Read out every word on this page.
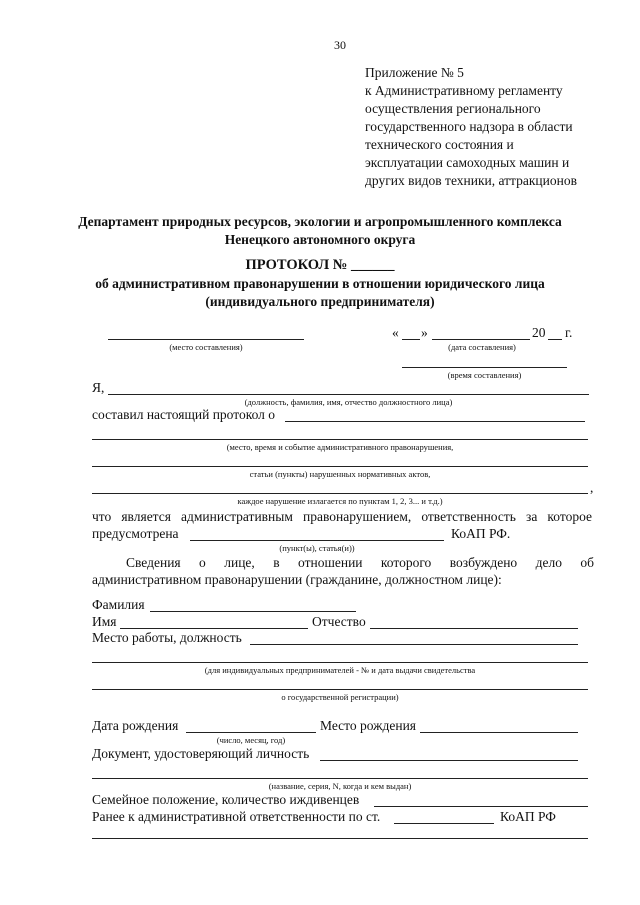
30
Приложение № 5
к Административному регламенту
осуществления регионального
государственного надзора в области
технического состояния и
эксплуатации самоходных машин и
других видов техники, аттракционов
Департамент природных ресурсов, экологии и агропромышленного комплекса
Ненецкого автономного округа
ПРОТОКОЛ № ______
об административном правонарушении в отношении юридического лица
(индивидуального предпринимателя)
(место составления)
« »	20 г.
(дата составления)
(время составления)
Я,
(должность, фамилия, имя, отчество должностного лица)
составил настоящий протокол о
(место, время и событие административного правонарушения,
статьи (пункты) нарушенных нормативных актов,
,
каждое нарушение излагается по пунктам 1, 2, 3... и т.д.)
что является административным правонарушением, ответственность за которое
предусмотрена	КоАП РФ.
(пункт(ы), статья(и))
Сведения о лице, в отношении которого возбуждено дело об
административном правонарушении (гражданине, должностном лице):
Фамилия
Имя	Отчество
Место работы, должность
(для индивидуальных предпринимателей - № и дата выдачи свидетельства
о государственной регистрации)
Дата рождения	Место рождения
(число, месяц, год)
Документ, удостоверяющий личность
(название, серия, N, когда и кем выдан)
Семейное положение, количество иждивенцев
Ранее к административной ответственности по ст.	КоАП РФ
